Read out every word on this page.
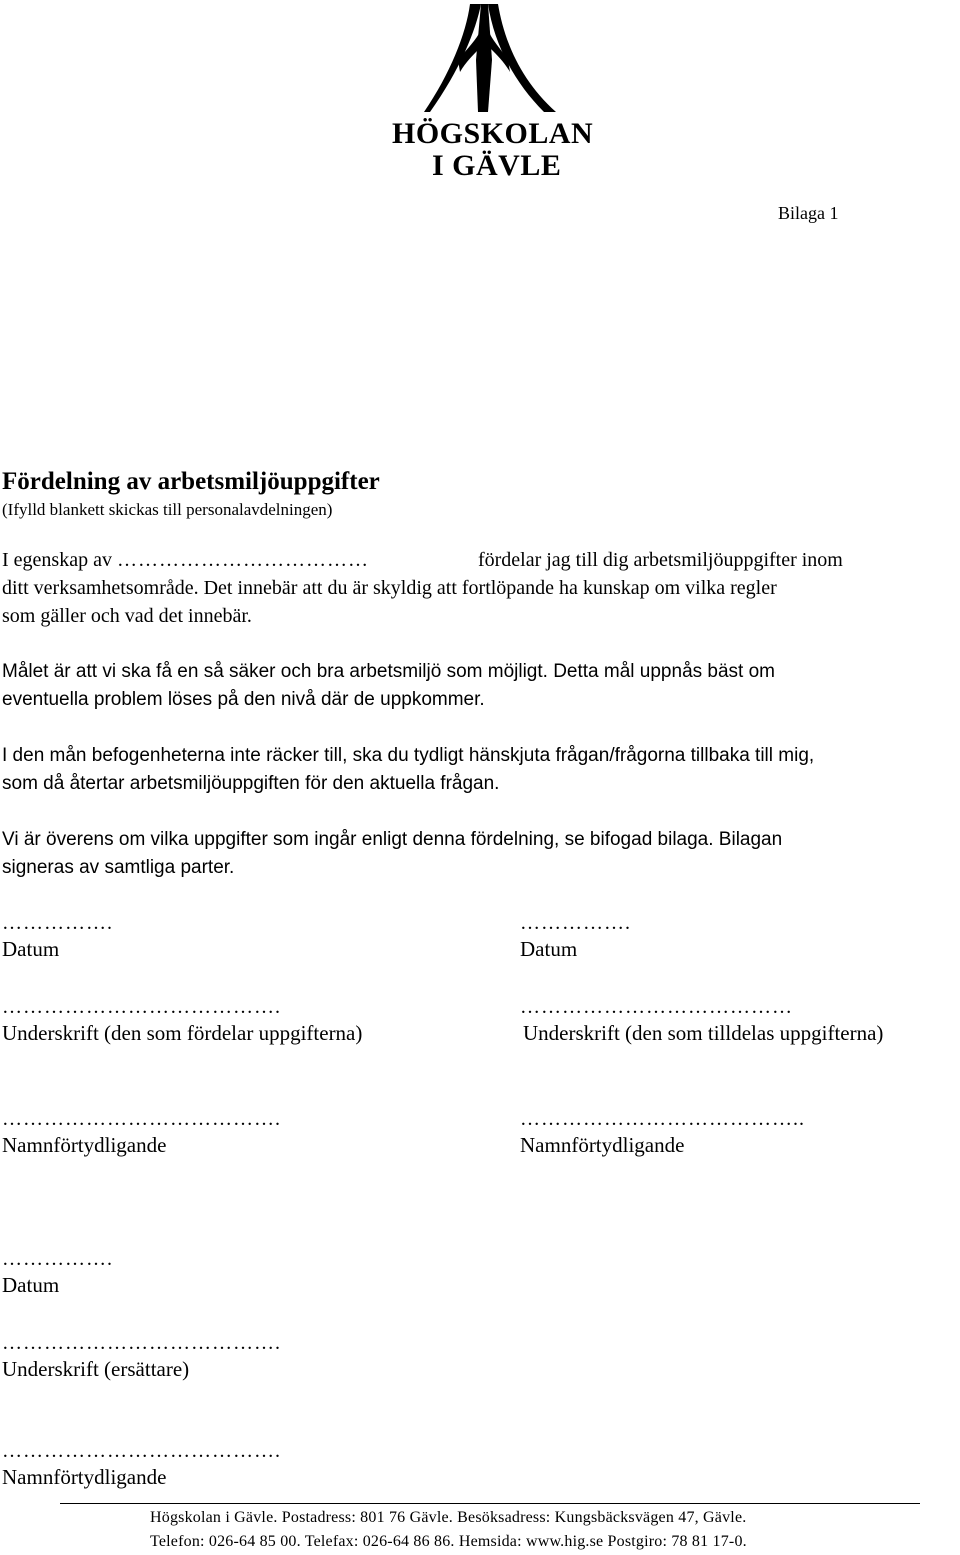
HÖGSKOLAN
I GÄVLE
Bilaga 1
Fördelning av arbetsmiljöuppgifter
(Ifylld blankett skickas till personalavdelningen)
I egenskap av ………………………………	fördelar jag till dig arbetsmiljöuppgifter inom
ditt verksamhetsområde. Det innebär att du är skyldig att fortlöpande ha kunskap om vilka regler
som gäller och vad det innebär.
Målet är att vi ska få en så säker och bra arbetsmiljö som möjligt. Detta mål uppnås bäst om
eventuella problem löses på den nivå där de uppkommer.
I den mån befogenheterna inte räcker till, ska du tydligt hänskjuta frågan/frågorna tillbaka till mig,
som då återtar arbetsmiljöuppgiften för den aktuella frågan.
Vi är överens om vilka uppgifter som ingår enligt denna fördelning, se bifogad bilaga. Bilagan
signeras av samtliga parter.
…………….
Datum
…………….
Datum
………………………………….
Underskrift (den som fördelar uppgifterna)
…………………………………
Underskrift (den som tilldelas uppgifterna)
………………………………….
Namnförtydligande
…………………………………..
Namnförtydligande
…………….
Datum
………………………………….
Underskrift (ersättare)
………………………………….
Namnförtydligande
Högskolan i Gävle. Postadress: 801 76 Gävle. Besöksadress: Kungsbäcksvägen 47, Gävle.
Telefon: 026-64 85 00. Telefax: 026-64 86 86. Hemsida: www.hig.se Postgiro: 78 81 17-0.
